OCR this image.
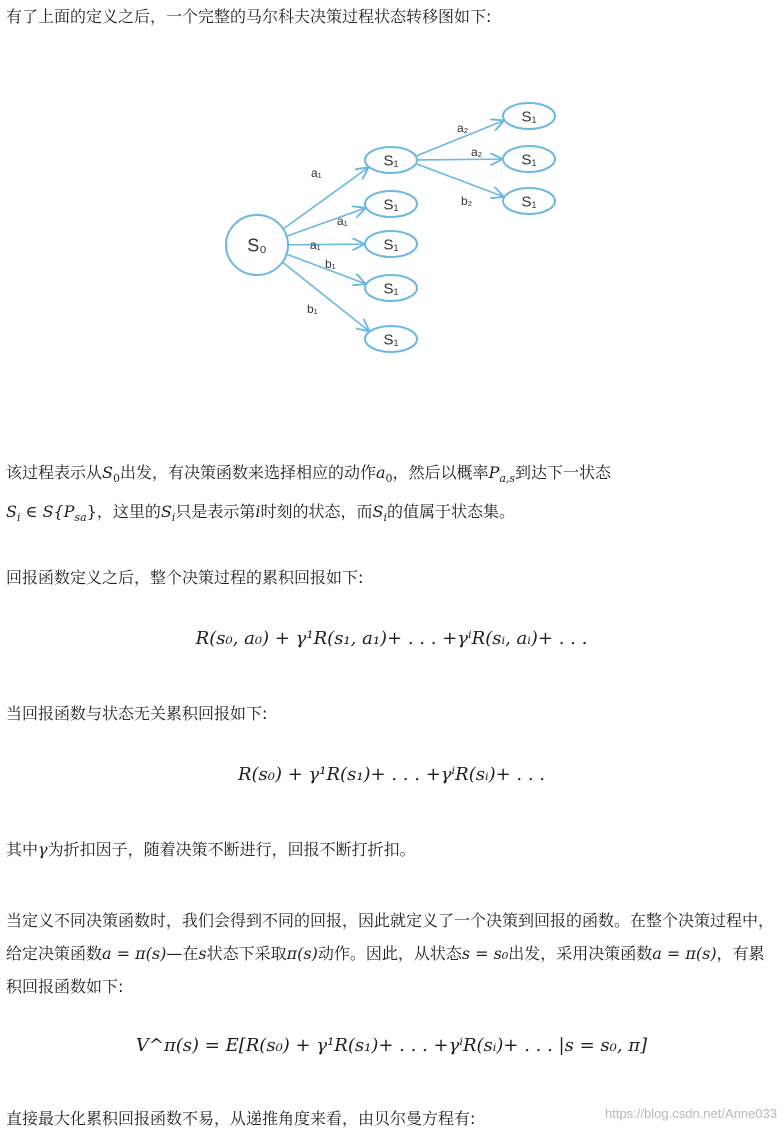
有了上面的定义之后，一个完整的马尔科夫决策过程状态转移图如下:

S₀
S₁
S₁
S₁
S₁
S₁
S₁
S₁
S₁
a₁
a₁
a₁
b₁
b₁
a₂
a₂
b₂

该过程表示从$S_0$出发，有决策函数来选择相应的动作$a_0$，然后以概率$P_{a,s}$到达下一状态
$S_i$ ∈ $S\{P_{sa}\}$，这里的$S_i$只是表示第i时刻的状态，而$S_i$的值属于状态集。

回报函数定义之后，整个决策过程的累积回报如下:

R(s₀, a₀) + γ¹R(s₁, a₁)+ . . . +γⁱR(sᵢ, aᵢ)+ . . .

当回报函数与状态无关累积回报如下:

R(s₀) + γ¹R(s₁)+ . . . +γⁱR(sᵢ)+ . . .

其中γ为折扣因子，随着决策不断进行，回报不断打折扣。

当定义不同决策函数时，我们会得到不同的回报，因此就定义了一个决策到回报的函数。在整个决策过程中，给定决策函数a = π(s)—在s状态下采取π(s)动作。因此，从状态s = s₀出发，采用决策函数a = π(s)，有累积回报函数如下:

V^π(s) = E[R(s₀) + γ¹R(s₁)+ . . . +γⁱR(sᵢ)+ . . . |s = s₀, π]

直接最大化累积回报函数不易，从递推角度来看，由贝尔曼方程有:	https://blog.csdn.net/Anne033
